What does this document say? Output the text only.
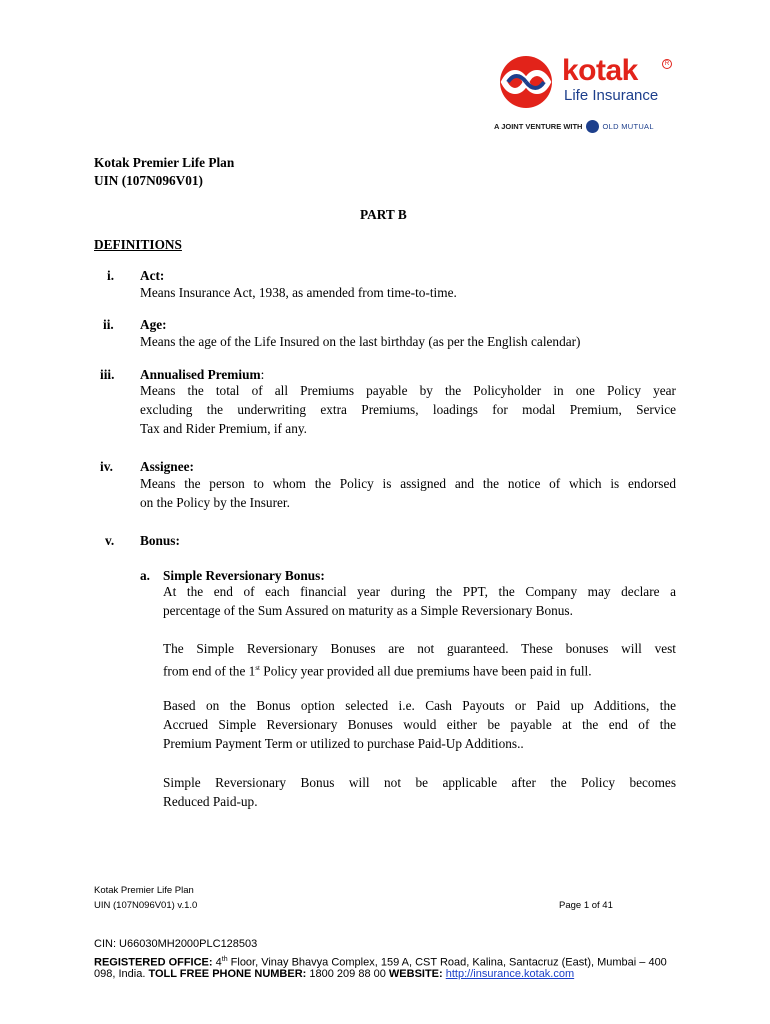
kotak	R
Life Insurance
A JOINT VENTURE WITH	OLD MUTUAL
Kotak Premier Life Plan
UIN (107N096V01)
PART B
DEFINITIONS
i. Act:
Means Insurance Act, 1938, as amended from time-to-time.
ii. Age:
Means the age of the Life Insured on the last birthday (as per the English calendar)
iii. Annualised Premium:
Means the total of all Premiums payable by the Policyholder in one Policy year
excluding the underwriting extra Premiums, loadings for modal Premium, Service
Tax and Rider Premium, if any.
iv. Assignee:
Means the person to whom the Policy is assigned and the notice of which is endorsed
on the Policy by the Insurer.
v. Bonus:
a. Simple Reversionary Bonus:
At the end of each financial year during the PPT, the Company may declare a
percentage of the Sum Assured on maturity as a Simple Reversionary Bonus.
The Simple Reversionary Bonuses are not guaranteed. These bonuses will vest
from end of the 1st Policy year provided all due premiums have been paid in full.
Based on the Bonus option selected i.e. Cash Payouts or Paid up Additions, the
Accrued Simple Reversionary Bonuses would either be payable at the end of the
Premium Payment Term or utilized to purchase Paid-Up Additions..
Simple Reversionary Bonus will not be applicable after the Policy becomes
Reduced Paid-up.
Kotak Premier Life Plan
UIN (107N096V01) v.1.0	Page 1 of 41
CIN: U66030MH2000PLC128503
REGISTERED OFFICE: 4th Floor, Vinay Bhavya Complex, 159 A, CST Road, Kalina, Santacruz (East), Mumbai – 400
098, India. TOLL FREE PHONE NUMBER: 1800 209 88 00 WEBSITE: http://insurance.kotak.com
